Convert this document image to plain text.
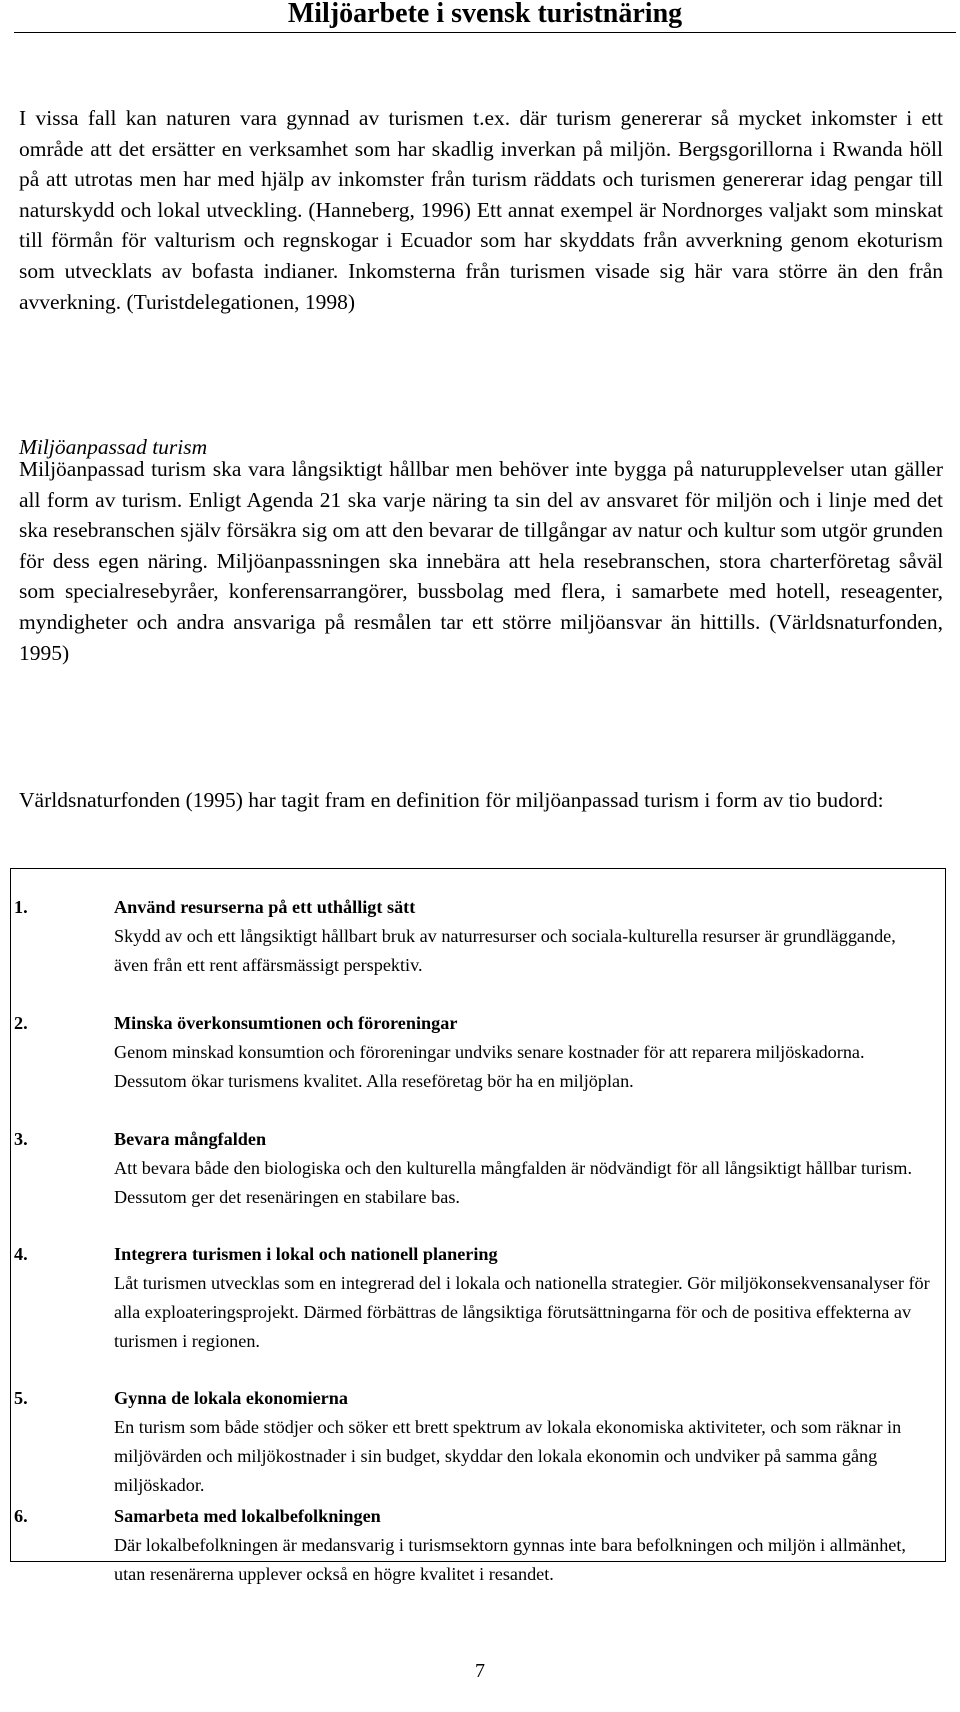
Miljöarbete i svensk turistnäring

I vissa fall kan naturen vara gynnad av turismen t.ex. där turism genererar så mycket inkomster i ett område att det ersätter en verksamhet som har skadlig inverkan på miljön. Bergsgorillorna i Rwanda höll på att utrotas men har med hjälp av inkomster från turism räddats och turismen genererar idag pengar till naturskydd och lokal utveckling. (Hanneberg, 1996) Ett annat exempel är Nordnorges valjakt som minskat till förmån för valturism och regnskogar i Ecuador som har skyddats från avverkning genom ekoturism som utvecklats av bofasta indianer. Inkomsterna från turismen visade sig här vara större än den från avverkning. (Turistdelegationen, 1998)

Miljöanpassad turism

Miljöanpassad turism ska vara långsiktigt hållbar men behöver inte bygga på naturupplevelser utan gäller all form av turism. Enligt Agenda 21 ska varje näring ta sin del av ansvaret för miljön och i linje med det ska resebranschen själv försäkra sig om att den bevarar de tillgångar av natur och kultur som utgör grunden för dess egen näring. Miljöanpassningen ska innebära att hela resebranschen, stora charterföretag såväl som specialresebyråer, konferensarrangörer, bussbolag med flera, i samarbete med hotell, reseagenter, myndigheter och andra ansvariga på resmålen tar ett större miljöansvar än hittills. (Världsnaturfonden, 1995)

Världsnaturfonden (1995) har tagit fram en definition för miljöanpassad turism i form av tio budord:

1.	Använd resurserna på ett uthålligt sätt

Skydd av och ett långsiktigt hållbart bruk av naturresurser och sociala-kulturella resurser är grundläggande, även från ett rent affärsmässigt perspektiv.

2.	Minska överkonsumtionen och föroreningar

Genom minskad konsumtion och föroreningar undviks senare kostnader för att reparera miljöskadorna. Dessutom ökar turismens kvalitet. Alla reseföretag bör ha en miljöplan.

3.	Bevara mångfalden

Att bevara både den biologiska och den kulturella mångfalden är nödvändigt för all långsiktigt hållbar turism. Dessutom ger det resenäringen en stabilare bas.

4.	Integrera turismen i lokal och nationell planering

Låt turismen utvecklas som en integrerad del i lokala och nationella strategier. Gör miljökonsekvensanalyser för alla exploateringsprojekt. Därmed förbättras de långsiktiga förutsättningarna för och de positiva effekterna av turismen i regionen.

5.	Gynna de lokala ekonomierna

En turism som både stödjer och söker ett brett spektrum av lokala ekonomiska aktiviteter, och som räknar in miljövärden och miljökostnader i sin budget, skyddar den lokala ekonomin och undviker på samma gång miljöskador.

6.	Samarbeta med lokalbefolkningen

Där lokalbefolkningen är medansvarig i turismsektorn gynnas inte bara befolkningen och miljön i allmänhet, utan resenärerna upplever också en högre kvalitet i resandet.

7
